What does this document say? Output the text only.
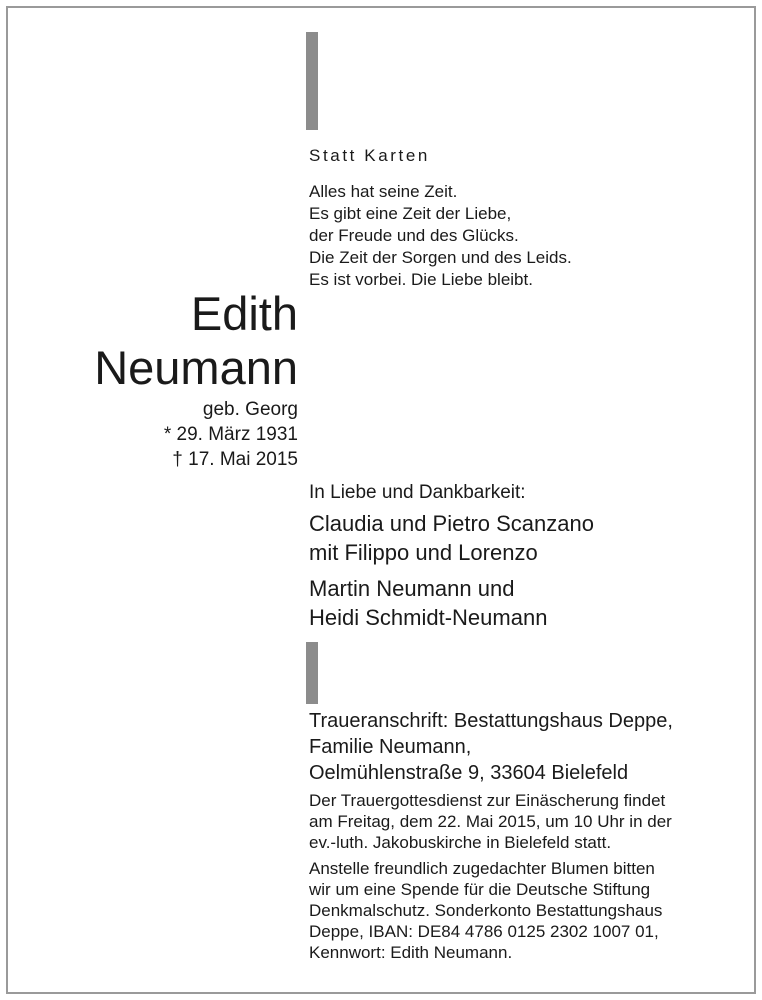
Statt Karten
Alles hat seine Zeit.
Es gibt eine Zeit der Liebe,
der Freude und des Glücks.
Die Zeit der Sorgen und des Leids.
Es ist vorbei. Die Liebe bleibt.
Edith
Neumann
geb. Georg
* 29. März 1931
† 17. Mai 2015
In Liebe und Dankbarkeit:
Claudia und Pietro Scanzano
mit Filippo und Lorenzo
Martin Neumann und
Heidi Schmidt-Neumann
Traueranschrift: Bestattungshaus Deppe,
Familie Neumann,
Oelmühlenstraße 9, 33604 Bielefeld
Der Trauergottesdienst zur Einäscherung findet
am Freitag, dem 22. Mai 2015, um 10 Uhr in der
ev.-luth. Jakobuskirche in Bielefeld statt.
Anstelle freundlich zugedachter Blumen bitten
wir um eine Spende für die Deutsche Stiftung
Denkmalschutz. Sonderkonto Bestattungshaus
Deppe, IBAN: DE84 4786 0125 2302 1007 01,
Kennwort: Edith Neumann.
